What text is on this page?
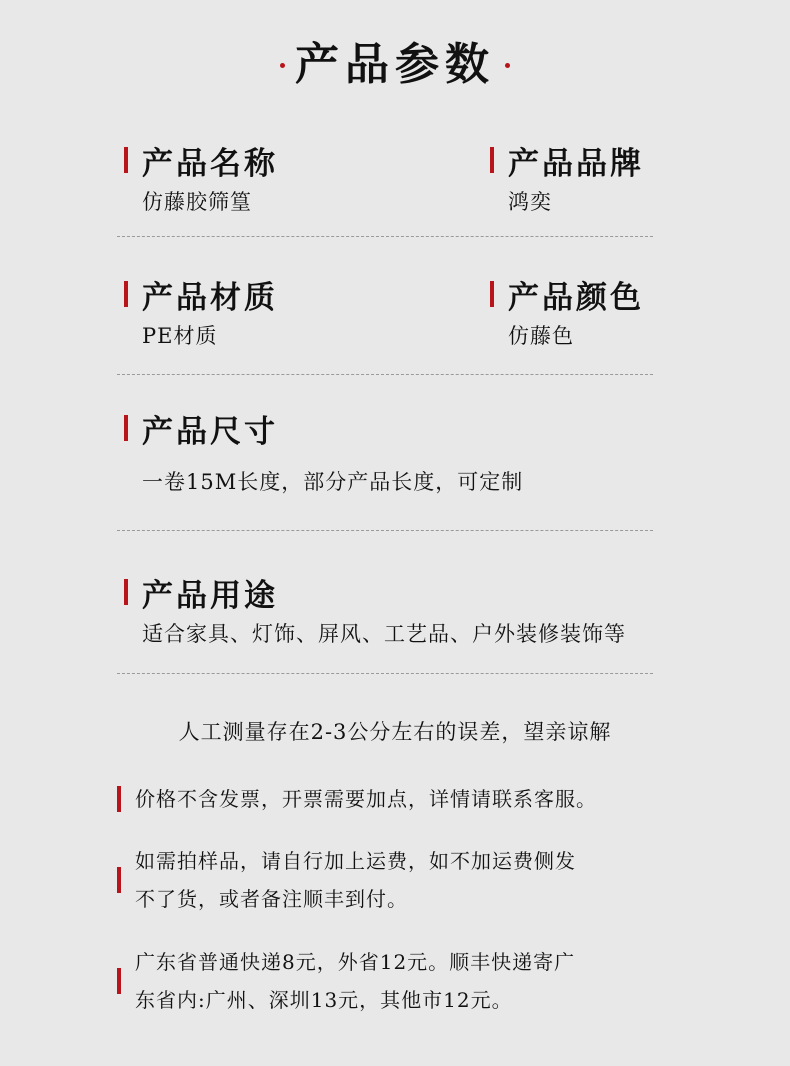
产品参数
产品名称
仿藤胶筛篁
产品品牌
鸿奕
产品材质
PE材质
产品颜色
仿藤色
产品尺寸
一卷15M长度，部分产品长度，可定制
产品用途
适合家具、灯饰、屏风、工艺品、户外装修装饰等
人工测量存在2-3公分左右的误差，望亲谅解
价格不含发票，开票需要加点，详情请联系客服。
如需拍样品，请自行加上运费，如不加运费侧发
不了货，或者备注顺丰到付。
广东省普通快递8元，外省12元。顺丰快递寄广
东省内:广州、深圳13元，其他市12元。
